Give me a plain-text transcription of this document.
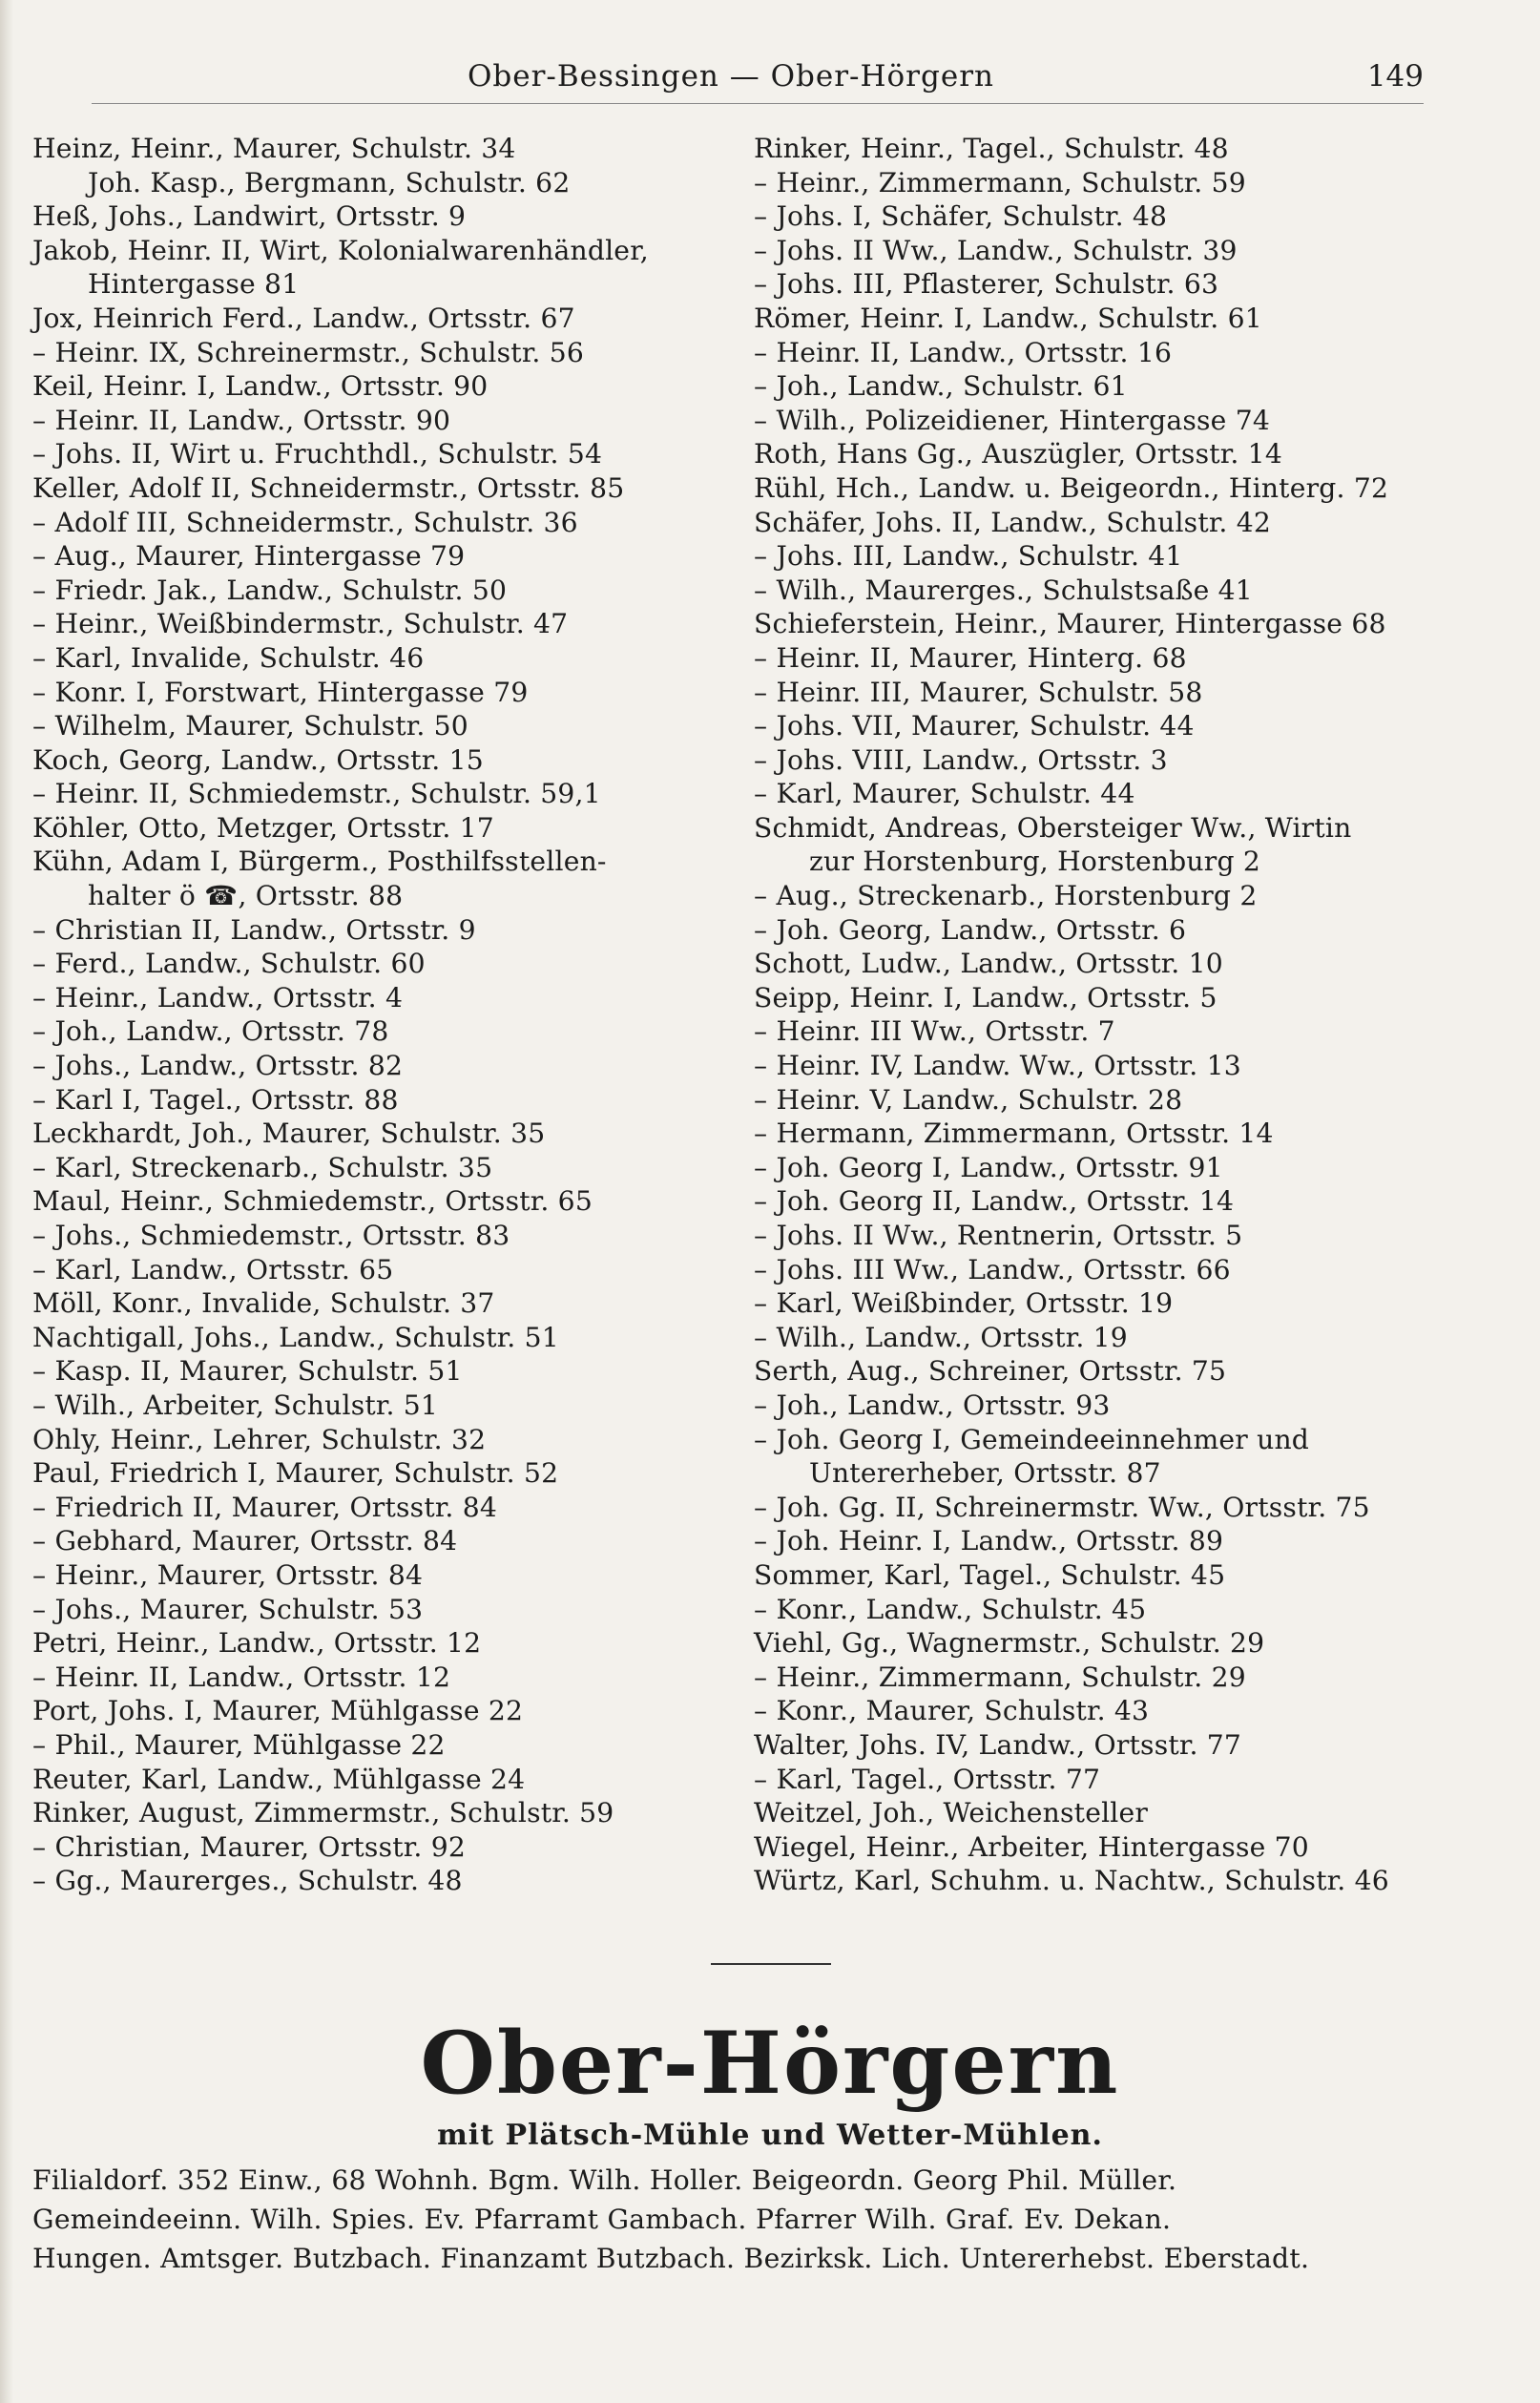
Ober-Bessingen — Ober-Hörgern	149
Heinz, Heinr., Maurer, Schulstr. 34
Joh. Kasp., Bergmann, Schulstr. 62
Heß, Johs., Landwirt, Ortsstr. 9
Jakob, Heinr. II, Wirt, Kolonialwarenhändler,
Hintergasse 81
Jox, Heinrich Ferd., Landw., Ortsstr. 67
– Heinr. IX, Schreinermstr., Schulstr. 56
Keil, Heinr. I, Landw., Ortsstr. 90
– Heinr. II, Landw., Ortsstr. 90
– Johs. II, Wirt u. Fruchthdl., Schulstr. 54
Keller, Adolf II, Schneidermstr., Ortsstr. 85
– Adolf III, Schneidermstr., Schulstr. 36
– Aug., Maurer, Hintergasse 79
– Friedr. Jak., Landw., Schulstr. 50
– Heinr., Weißbindermstr., Schulstr. 47
– Karl, Invalide, Schulstr. 46
– Konr. I, Forstwart, Hintergasse 79
– Wilhelm, Maurer, Schulstr. 50
Koch, Georg, Landw., Ortsstr. 15
– Heinr. II, Schmiedemstr., Schulstr. 59,1
Köhler, Otto, Metzger, Ortsstr. 17
Kühn, Adam I, Bürgerm., Posthilfsstellen-
halter ö ☎, Ortsstr. 88
– Christian II, Landw., Ortsstr. 9
– Ferd., Landw., Schulstr. 60
– Heinr., Landw., Ortsstr. 4
– Joh., Landw., Ortsstr. 78
– Johs., Landw., Ortsstr. 82
– Karl I, Tagel., Ortsstr. 88
Leckhardt, Joh., Maurer, Schulstr. 35
– Karl, Streckenarb., Schulstr. 35
Maul, Heinr., Schmiedemstr., Ortsstr. 65
– Johs., Schmiedemstr., Ortsstr. 83
– Karl, Landw., Ortsstr. 65
Möll, Konr., Invalide, Schulstr. 37
Nachtigall, Johs., Landw., Schulstr. 51
– Kasp. II, Maurer, Schulstr. 51
– Wilh., Arbeiter, Schulstr. 51
Ohly, Heinr., Lehrer, Schulstr. 32
Paul, Friedrich I, Maurer, Schulstr. 52
– Friedrich II, Maurer, Ortsstr. 84
– Gebhard, Maurer, Ortsstr. 84
– Heinr., Maurer, Ortsstr. 84
– Johs., Maurer, Schulstr. 53
Petri, Heinr., Landw., Ortsstr. 12
– Heinr. II, Landw., Ortsstr. 12
Port, Johs. I, Maurer, Mühlgasse 22
– Phil., Maurer, Mühlgasse 22
Reuter, Karl, Landw., Mühlgasse 24
Rinker, August, Zimmermstr., Schulstr. 59
– Christian, Maurer, Ortsstr. 92
– Gg., Maurerges., Schulstr. 48
Rinker, Heinr., Tagel., Schulstr. 48
– Heinr., Zimmermann, Schulstr. 59
– Johs. I, Schäfer, Schulstr. 48
– Johs. II Ww., Landw., Schulstr. 39
– Johs. III, Pflasterer, Schulstr. 63
Römer, Heinr. I, Landw., Schulstr. 61
– Heinr. II, Landw., Ortsstr. 16
– Joh., Landw., Schulstr. 61
– Wilh., Polizeidiener, Hintergasse 74
Roth, Hans Gg., Auszügler, Ortsstr. 14
Rühl, Hch., Landw. u. Beigeordn., Hinterg. 72
Schäfer, Johs. II, Landw., Schulstr. 42
– Johs. III, Landw., Schulstr. 41
– Wilh., Maurerges., Schulstsaße 41
Schieferstein, Heinr., Maurer, Hintergasse 68
– Heinr. II, Maurer, Hinterg. 68
– Heinr. III, Maurer, Schulstr. 58
– Johs. VII, Maurer, Schulstr. 44
– Johs. VIII, Landw., Ortsstr. 3
– Karl, Maurer, Schulstr. 44
Schmidt, Andreas, Obersteiger Ww., Wirtin
zur Horstenburg, Horstenburg 2
– Aug., Streckenarb., Horstenburg 2
– Joh. Georg, Landw., Ortsstr. 6
Schott, Ludw., Landw., Ortsstr. 10
Seipp, Heinr. I, Landw., Ortsstr. 5
– Heinr. III Ww., Ortsstr. 7
– Heinr. IV, Landw. Ww., Ortsstr. 13
– Heinr. V, Landw., Schulstr. 28
– Hermann, Zimmermann, Ortsstr. 14
– Joh. Georg I, Landw., Ortsstr. 91
– Joh. Georg II, Landw., Ortsstr. 14
– Johs. II Ww., Rentnerin, Ortsstr. 5
– Johs. III Ww., Landw., Ortsstr. 66
– Karl, Weißbinder, Ortsstr. 19
– Wilh., Landw., Ortsstr. 19
Serth, Aug., Schreiner, Ortsstr. 75
– Joh., Landw., Ortsstr. 93
– Joh. Georg I, Gemeindeeinnehmer und
Untererheber, Ortsstr. 87
– Joh. Gg. II, Schreinermstr. Ww., Ortsstr. 75
– Joh. Heinr. I, Landw., Ortsstr. 89
Sommer, Karl, Tagel., Schulstr. 45
– Konr., Landw., Schulstr. 45
Viehl, Gg., Wagnermstr., Schulstr. 29
– Heinr., Zimmermann, Schulstr. 29
– Konr., Maurer, Schulstr. 43
Walter, Johs. IV, Landw., Ortsstr. 77
– Karl, Tagel., Ortsstr. 77
Weitzel, Joh., Weichensteller
Wiegel, Heinr., Arbeiter, Hintergasse 70
Würtz, Karl, Schuhm. u. Nachtw., Schulstr. 46
Ober-Hörgern
mit Plätsch-Mühle und Wetter-Mühlen.
Filialdorf. 352 Einw., 68 Wohnh. Bgm. Wilh. Holler. Beigeordn. Georg Phil. Müller.
Gemeindeeinn. Wilh. Spies. Ev. Pfarramt Gambach. Pfarrer Wilh. Graf. Ev. Dekan.
Hungen. Amtsger. Butzbach. Finanzamt Butzbach. Bezirksk. Lich. Untererhebst. Eberstadt.
